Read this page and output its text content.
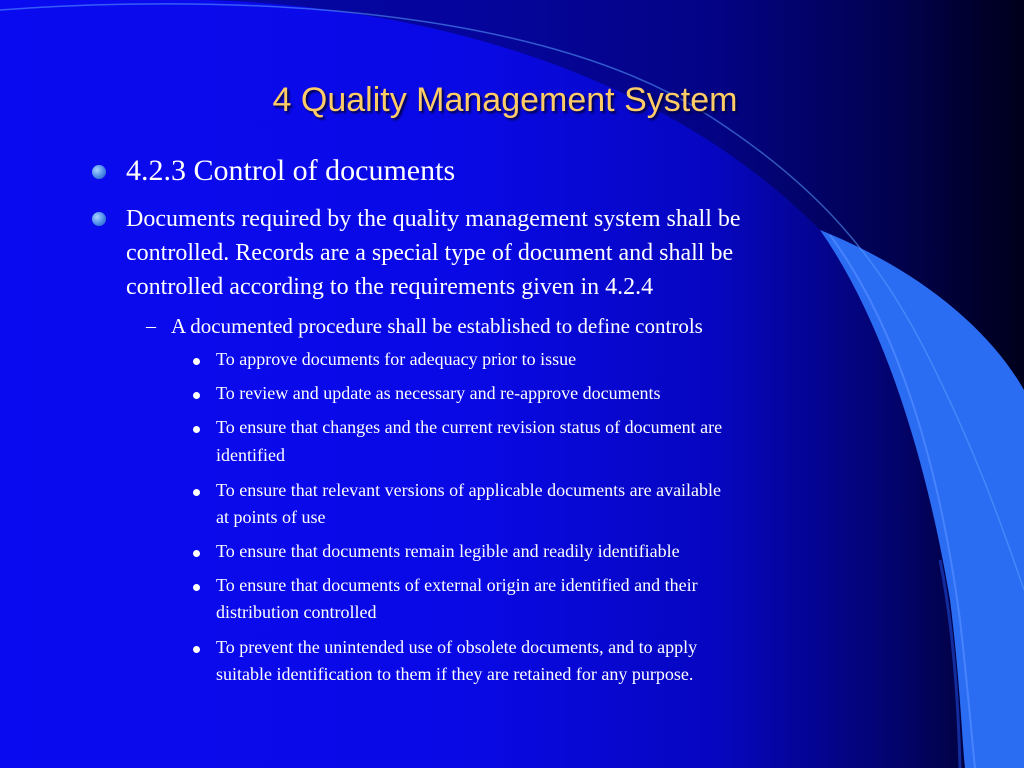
4 Quality Management System

4.2.3 Control of documents

Documents required by the quality management system shall be

controlled. Records are a special type of document and shall be

controlled according to the requirements given in 4.2.4

– A documented procedure shall be established to define controls

To approve documents for adequacy prior to issue

To review and update as necessary and re-approve documents

To ensure that changes and the current revision status of document are

identified

To ensure that relevant versions of applicable documents are available

at points of use

To ensure that documents remain legible and readily identifiable

To ensure that documents of external origin are identified and their

distribution controlled

To prevent the unintended use of obsolete documents, and to apply

suitable identification to them if they are retained for any purpose.
